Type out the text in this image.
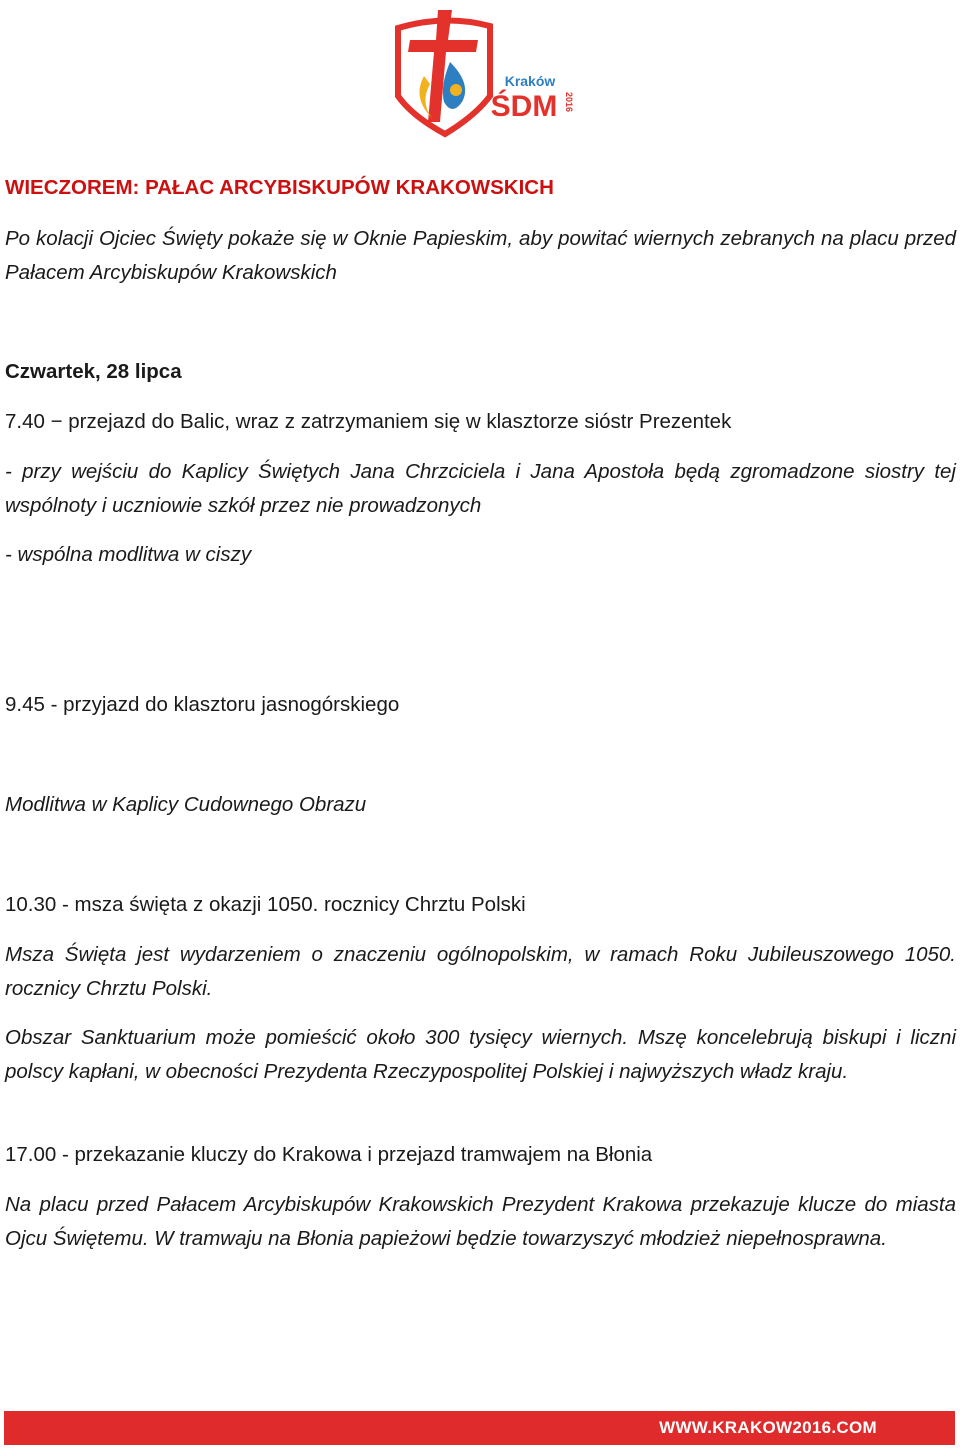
Kraków
ŚDM 2016

WIECZOREM: PAŁAC ARCYBISKUPÓW KRAKOWSKICH

Po kolacji Ojciec Święty pokaże się w Oknie Papieskim, aby powitać wiernych zebranych na placu przed Pałacem Arcybiskupów Krakowskich

Czwartek, 28 lipca

7.40 − przejazd do Balic, wraz z zatrzymaniem się w klasztorze sióstr Prezentek

- przy wejściu do Kaplicy Świętych Jana Chrzciciela i Jana Apostoła będą zgromadzone siostry tej wspólnoty i uczniowie szkół przez nie prowadzonych

- wspólna modlitwa w ciszy

9.45 - przyjazd do klasztoru jasnogórskiego

Modlitwa w Kaplicy Cudownego Obrazu

10.30 - msza święta z okazji 1050. rocznicy Chrztu Polski

Msza Święta jest wydarzeniem o znaczeniu ogólnopolskim, w ramach Roku Jubileuszowego 1050. rocznicy Chrztu Polski.

Obszar Sanktuarium może pomieścić około 300 tysięcy wiernych. Mszę koncelebrują biskupi i liczni polscy kapłani, w obecności Prezydenta Rzeczypospolitej Polskiej i najwyższych władz kraju.

17.00 - przekazanie kluczy do Krakowa i przejazd tramwajem na Błonia

Na placu przed Pałacem Arcybiskupów Krakowskich Prezydent Krakowa przekazuje klucze do miasta Ojcu Świętemu. W tramwaju na Błonia papieżowi będzie towarzyszyć młodzież niepełnosprawna.

WWW.KRAKOW2016.COM
